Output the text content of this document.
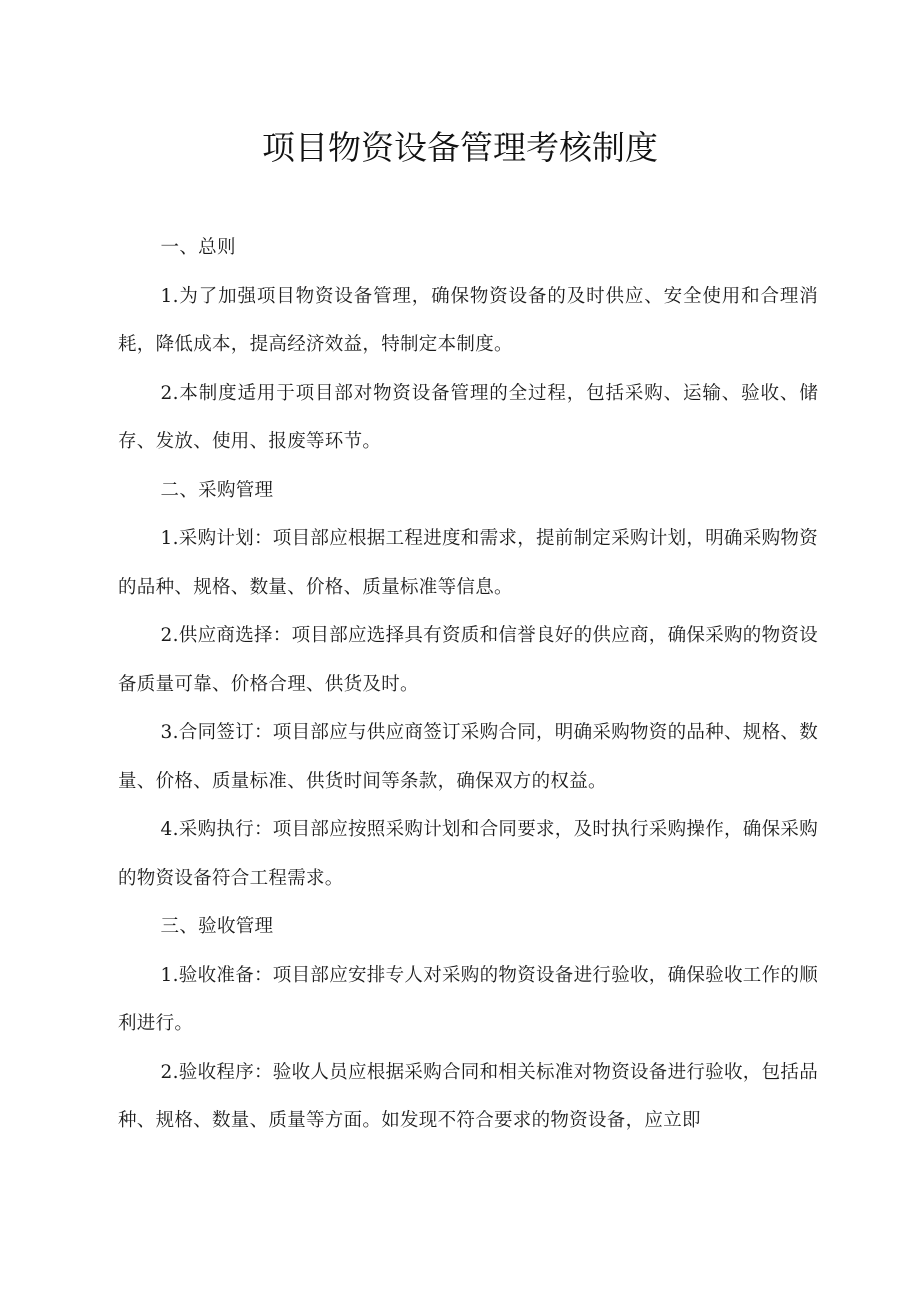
项目物资设备管理考核制度

一、总则

1.为了加强项目物资设备管理，确保物资设备的及时供应、安全使用和合理消耗，降低成本，提高经济效益，特制定本制度。

2.本制度适用于项目部对物资设备管理的全过程，包括采购、运输、验收、储存、发放、使用、报废等环节。

二、采购管理

1.采购计划：项目部应根据工程进度和需求，提前制定采购计划，明确采购物资的品种、规格、数量、价格、质量标准等信息。

2.供应商选择：项目部应选择具有资质和信誉良好的供应商，确保采购的物资设备质量可靠、价格合理、供货及时。

3.合同签订：项目部应与供应商签订采购合同，明确采购物资的品种、规格、数量、价格、质量标准、供货时间等条款，确保双方的权益。

4.采购执行：项目部应按照采购计划和合同要求，及时执行采购操作，确保采购的物资设备符合工程需求。

三、验收管理

1.验收准备：项目部应安排专人对采购的物资设备进行验收，确保验收工作的顺利进行。

2.验收程序：验收人员应根据采购合同和相关标准对物资设备进行验收，包括品种、规格、数量、质量等方面。如发现不符合要求的物资设备，应立即
